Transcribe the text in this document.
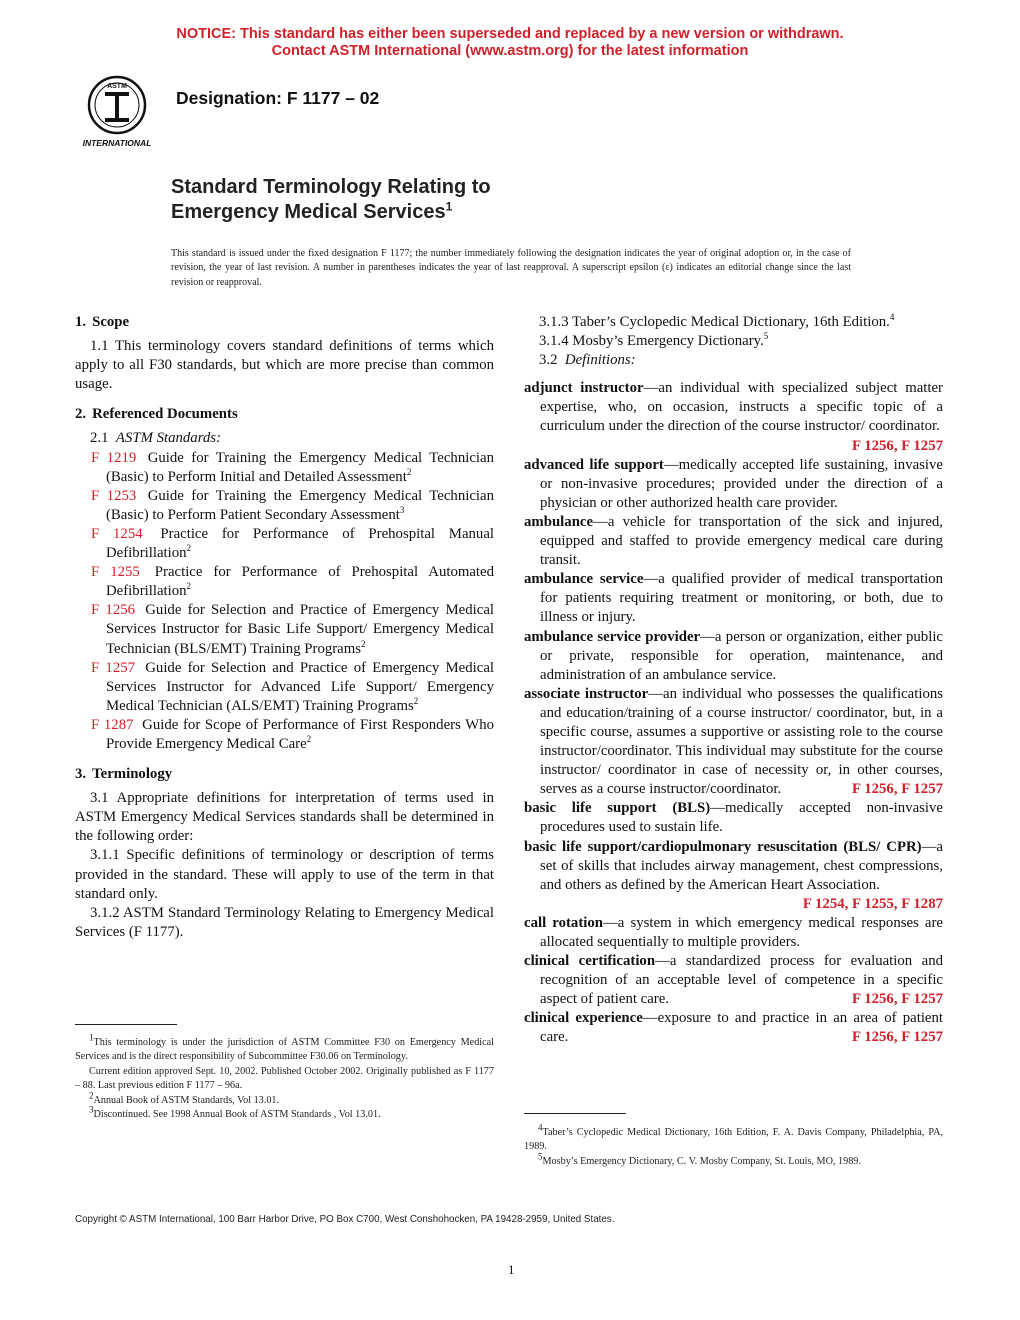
NOTICE: This standard has either been superseded and replaced by a new version or withdrawn.
Contact ASTM International (www.astm.org) for the latest information
INTERNATIONAL
ASTM
Designation: F 1177 – 02
Standard Terminology Relating to
Emergency Medical Services$^1$
This standard is issued under the fixed designation F 1177; the number immediately following the designation indicates the year of original adoption or, in the case of revision, the year of last revision. A number in parentheses indicates the year of last reapproval. A superscript epsilon (ε) indicates an editorial change since the last revision or reapproval.
1. Scope

1.1 This terminology covers standard definitions of terms which apply to all F30 standards, but which are more precise than common usage.

2. Referenced Documents

2.1 ASTM Standards:

F 1219 Guide for Training the Emergency Medical Technician (Basic) to Perform Initial and Detailed Assessment$^2$

F 1253 Guide for Training the Emergency Medical Technician (Basic) to Perform Patient Secondary Assessment$^3$

F 1254 Practice for Performance of Prehospital Manual Defibrillation$^2$

F 1255 Practice for Performance of Prehospital Automated Defibrillation$^2$

F 1256 Guide for Selection and Practice of Emergency Medical Services Instructor for Basic Life Support/ Emergency Medical Technician (BLS/EMT) Training Programs$^2$

F 1257 Guide for Selection and Practice of Emergency Medical Services Instructor for Advanced Life Support/ Emergency Medical Technician (ALS/EMT) Training Programs$^2$

F 1287 Guide for Scope of Performance of First Responders Who Provide Emergency Medical Care$^2$

3. Terminology

3.1 Appropriate definitions for interpretation of terms used in ASTM Emergency Medical Services standards shall be determined in the following order:

3.1.1 Specific definitions of terminology or description of terms provided in the standard. These will apply to use of the term in that standard only.

3.1.2 ASTM Standard Terminology Relating to Emergency Medical Services (F 1177).

3.1.3 Taber’s Cyclopedic Medical Dictionary, 16th Edition.$^4$

3.1.4 Mosby’s Emergency Dictionary.$^5$

3.2 Definitions:

adjunct instructor—an individual with specialized subject matter expertise, who, on occasion, instructs a specific topic of a curriculum under the direction of the course instructor/ coordinator.
F 1256, F 1257

advanced life support—medically accepted life sustaining, invasive or non-invasive procedures; provided under the direction of a physician or other authorized health care provider.

ambulance—a vehicle for transportation of the sick and injured, equipped and staffed to provide emergency medical care during transit.

ambulance service—a qualified provider of medical transportation for patients requiring treatment or monitoring, or both, due to illness or injury.

ambulance service provider—a person or organization, either public or private, responsible for operation, maintenance, and administration of an ambulance service.

associate instructor—an individual who possesses the qualifications and education/training of a course instructor/ coordinator, but, in a specific course, assumes a supportive or assisting role to the course instructor/coordinator. This individual may substitute for the course instructor/ coordinator in case of necessity or, in other courses, serves as a course instructor/coordinator.	F 1256, F 1257

basic life support (BLS)—medically accepted non-invasive procedures used to sustain life.

basic life support/cardiopulmonary resuscitation (BLS/ CPR)—a set of skills that includes airway management, chest compressions, and others as defined by the American Heart Association.
F 1254, F 1255, F 1287

call rotation—a system in which emergency medical responses are allocated sequentially to multiple providers.

clinical certification—a standardized process for evaluation and recognition of an acceptable level of competence in a specific aspect of patient care.	F 1256, F 1257

clinical experience—exposure to and practice in an area of patient care.	F 1256, F 1257

$^1$This terminology is under the jurisdiction of ASTM Committee F30 on Emergency Medical Services and is the direct responsibility of Subcommittee F30.06 on Terminology.

Current edition approved Sept. 10, 2002. Published October 2002. Originally published as F 1177 – 88. Last previous edition F 1177 – 96a.

$^2$Annual Book of ASTM Standards, Vol 13.01.

$^3$Discontinued. See 1998 Annual Book of ASTM Standards , Vol 13.01.

$^4$Taber’s Cyclopedic Medical Dictionary, 16th Edition, F. A. Davis Company, Philadelphia, PA, 1989.

$^5$Mosby’s Emergency Dictionary, C. V. Mosby Company, St. Louis, MO, 1989.

Copyright © ASTM International, 100 Barr Harbor Drive, PO Box C700, West Conshohocken, PA 19428-2959, United States.
1
